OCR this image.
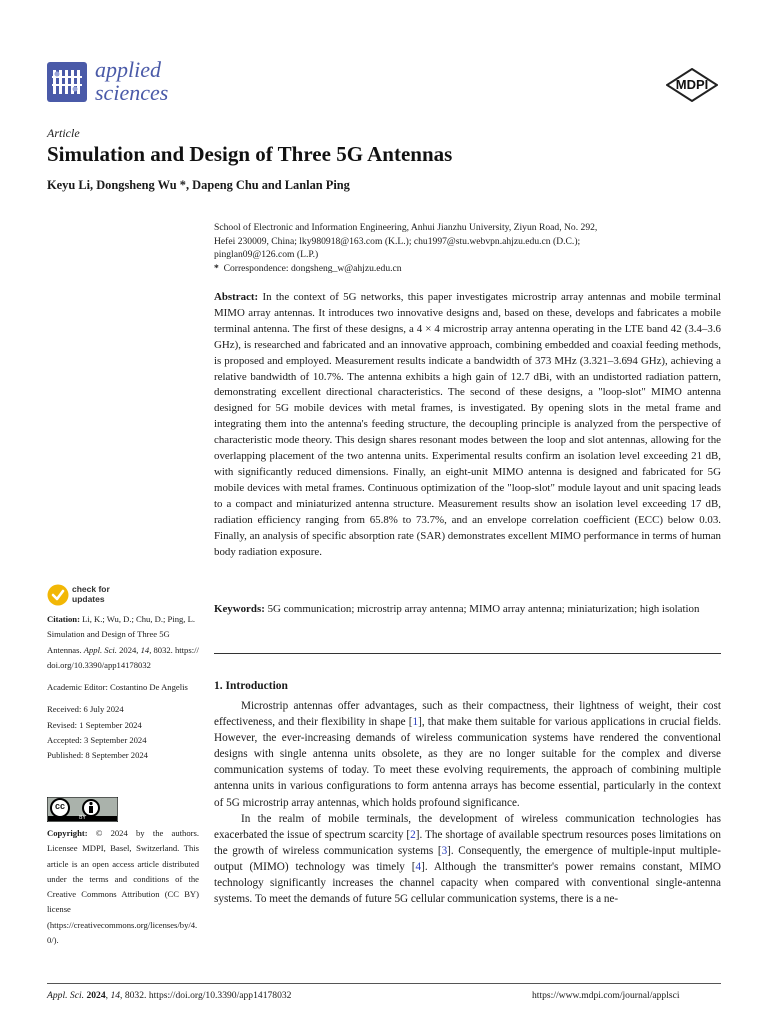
applied
sciences	MDPI
Article
Simulation and Design of Three 5G Antennas
Keyu Li, Dongsheng Wu *, Dapeng Chu and Lanlan Ping
School of Electronic and Information Engineering, Anhui Jianzhu University, Ziyun Road, No. 292,
Hefei 230009, China; lky980918@163.com (K.L.); chu1997@stu.webvpn.ahjzu.edu.cn (D.C.);
pinglan09@126.com (L.P.)
* Correspondence: dongsheng_w@ahjzu.edu.cn
Abstract: In the context of 5G networks, this paper investigates microstrip array antennas and mobile terminal MIMO array antennas. It introduces two innovative designs and, based on these, develops and fabricates a mobile terminal antenna. The first of these designs, a 4 × 4 microstrip array antenna operating in the LTE band 42 (3.4–3.6 GHz), is researched and fabricated and an innovative approach, combining embedded and coaxial feeding methods, is proposed and employed. Measurement results indicate a bandwidth of 373 MHz (3.321–3.694 GHz), achieving a relative bandwidth of 10.7%. The antenna exhibits a high gain of 12.7 dBi, with an undistorted radiation pattern, demonstrating excellent directional characteristics. The second of these designs, a "loop-slot" MIMO antenna designed for 5G mobile devices with metal frames, is investigated. By opening slots in the metal frame and integrating them into the antenna's feeding structure, the decoupling principle is analyzed from the perspective of characteristic mode theory. This design shares resonant modes between the loop and slot antennas, allowing for the overlapping placement of the two antenna units. Experimental results confirm an isolation level exceeding 21 dB, with significantly reduced dimensions. Finally, an eight-unit MIMO antenna is designed and fabricated for 5G mobile devices with metal frames. Continuous optimization of the "loop-slot" module layout and unit spacing leads to a compact and miniaturized antenna structure. Measurement results show an isolation level exceeding 17 dB, radiation efficiency ranging from 65.8% to 73.7%, and an envelope correlation coefficient (ECC) below 0.03. Finally, an analysis of specific absorption rate (SAR) demonstrates excellent MIMO performance in terms of human body radiation exposure.
Keywords: 5G communication; microstrip array antenna; MIMO array antenna; miniaturization; high isolation
1. Introduction

Microstrip antennas offer advantages, such as their compactness, their lightness of weight, their cost effectiveness, and their flexibility in shape [1], that make them suitable for various applications in crucial fields. However, the ever-increasing demands of wireless communication systems have rendered the conventional designs with single antenna units obsolete, as they are no longer suitable for the complex and diverse communication systems of today. To meet these evolving requirements, the approach of combining multiple antenna units in various configurations to form antenna arrays has become essential, particularly in the context of 5G microstrip array antennas, which holds profound significance.

In the realm of mobile terminals, the development of wireless communication technologies has exacerbated the issue of spectrum scarcity [2]. The shortage of available spectrum resources poses limitations on the growth of wireless communication systems [3]. Consequently, the emergence of multiple-input multiple-output (MIMO) technology was timely [4]. Although the transmitter's power remains constant, MIMO technology significantly increases the channel capacity when compared with conventional single-antenna systems. To meet the demands of future 5G cellular communication systems, there is a ne-

check for
updates
Citation: Li, K.; Wu, D.; Chu, D.; Ping, L. Simulation and Design of Three 5G Antennas. Appl. Sci. 2024, 14, 8032. https://doi.org/10.3390/app14178032
Academic Editor: Costantino De Angelis
Received: 6 July 2024
Revised: 1 September 2024
Accepted: 3 September 2024
Published: 8 September 2024
cc
BY
Copyright: © 2024 by the authors. Licensee MDPI, Basel, Switzerland. This article is an open access article distributed under the terms and conditions of the Creative Commons Attribution (CC BY) license (https://creativecommons.org/licenses/by/4.0/).
Appl. Sci. 2024, 14, 8032. https://doi.org/10.3390/app14178032	https://www.mdpi.com/journal/applsci
